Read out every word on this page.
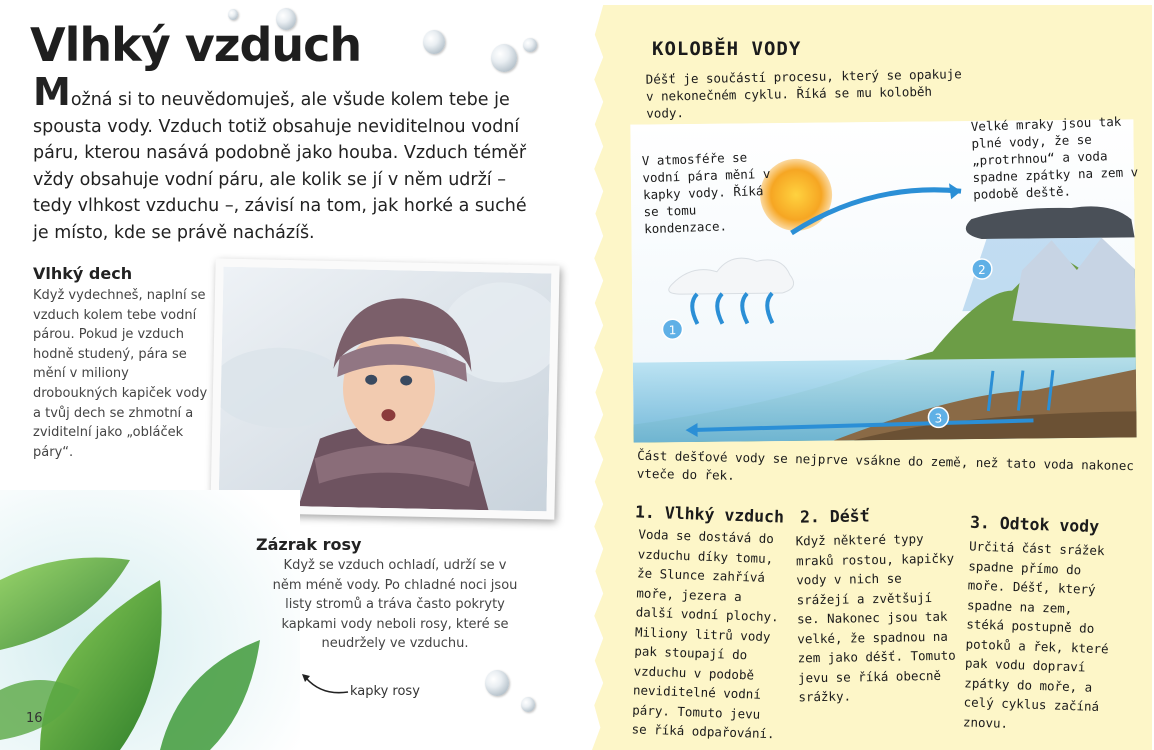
Vlhký vzduch

Možná si to neuvědomuješ, ale všude kolem tebe je spousta vody. Vzduch totiž obsahuje neviditelnou vodní páru, kterou nasává podobně jako houba. Vzduch téměř vždy obsahuje vodní páru, ale kolik se jí v něm udrží – tedy vlhkost vzduchu –, závisí na tom, jak horké a suché je místo, kde se právě nacházíš.

Vlhký dech

Když vydechneš, naplní se vzduch kolem tebe vodní párou. Pokud je vzduch hodně studený, pára se mění v miliony droboukných kapiček vody a tvůj dech se zhmotní a zviditelní jako „obláček páry“.

Zázrak rosy

Když se vzduch ochladí, udrží se v něm méně vody. Po chladné noci jsou listy stromů a tráva často pokryty kapkami vody neboli rosy, které se neudržely ve vzduchu.

kapky rosy
16
KOLOBĚH VODY

Déšť je součástí procesu, který se opakuje v nekonečném cyklu. Říká se mu koloběh vody.

1
2
3

V atmosféře se vodní pára mění v kapky vody. Říká se tomu kondenzace.

Velké mraky jsou tak plné vody, že se „protrhnou“ a voda spadne zpátky na zem v podobě deště.

Část dešťové vody se nejprve vsákne do země, než tato voda nakonec vteče do řek.

1. Vlhký vzduch

Voda se dostává do vzduchu díky tomu, že Slunce zahřívá moře, jezera a další vodní plochy. Miliony litrů vody pak stoupají do vzduchu v podobě neviditelné vodní páry. Tomuto jevu se říká odpařování.

2. Déšť

Když některé typy mraků rostou, kapičky vody v nich se srážejí a zvětšují se. Nakonec jsou tak velké, že spadnou na zem jako déšť. Tomuto jevu se říká obecně srážky.

3. Odtok vody

Určitá část srážek spadne přímo do moře. Déšť, který spadne na zem, stéká postupně do potoků a řek, které pak vodu dopraví zpátky do moře, a celý cyklus začíná znovu.
